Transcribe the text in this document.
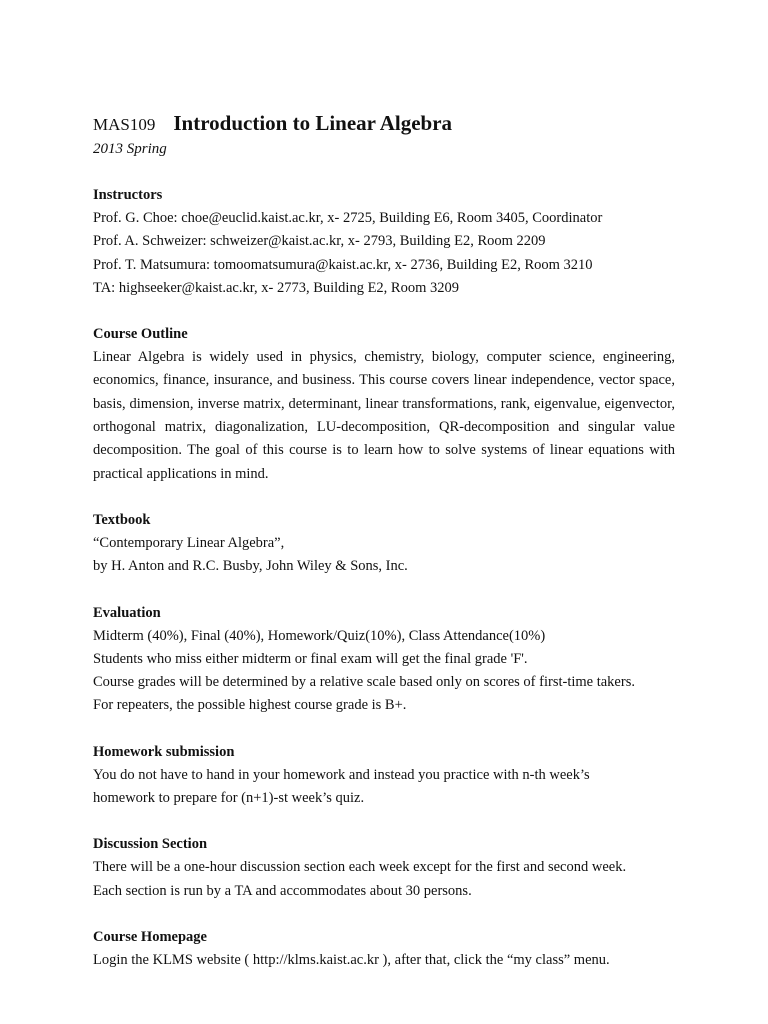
MAS109 Introduction to Linear Algebra
2013 Spring
Instructors
Prof. G. Choe: choe@euclid.kaist.ac.kr, x- 2725, Building E6, Room 3405, Coordinator
Prof. A. Schweizer: schweizer@kaist.ac.kr, x- 2793, Building E2, Room 2209
Prof. T. Matsumura: tomoomatsumura@kaist.ac.kr, x- 2736, Building E2, Room 3210
TA: highseeker@kaist.ac.kr, x- 2773, Building E2, Room 3209
Course Outline
Linear Algebra is widely used in physics, chemistry, biology, computer science, engineering, economics, finance, insurance, and business. This course covers linear independence, vector space, basis, dimension, inverse matrix, determinant, linear transformations, rank, eigenvalue, eigenvector, orthogonal matrix, diagonalization, LU-decomposition, QR-decomposition and singular value decomposition. The goal of this course is to learn how to solve systems of linear equations with practical applications in mind.
Textbook
“Contemporary Linear Algebra”,
by H. Anton and R.C. Busby, John Wiley & Sons, Inc.
Evaluation
Midterm (40%), Final (40%), Homework/Quiz(10%), Class Attendance(10%)
Students who miss either midterm or final exam will get the final grade 'F'.
Course grades will be determined by a relative scale based only on scores of first-time takers.
For repeaters, the possible highest course grade is B+.
Homework submission
You do not have to hand in your homework and instead you practice with n-th week’s
homework to prepare for (n+1)-st week’s quiz.
Discussion Section
There will be a one-hour discussion section each week except for the first and second week.
Each section is run by a TA and accommodates about 30 persons.
Course Homepage
Login the KLMS website ( http://klms.kaist.ac.kr ), after that, click the “my class” menu.
